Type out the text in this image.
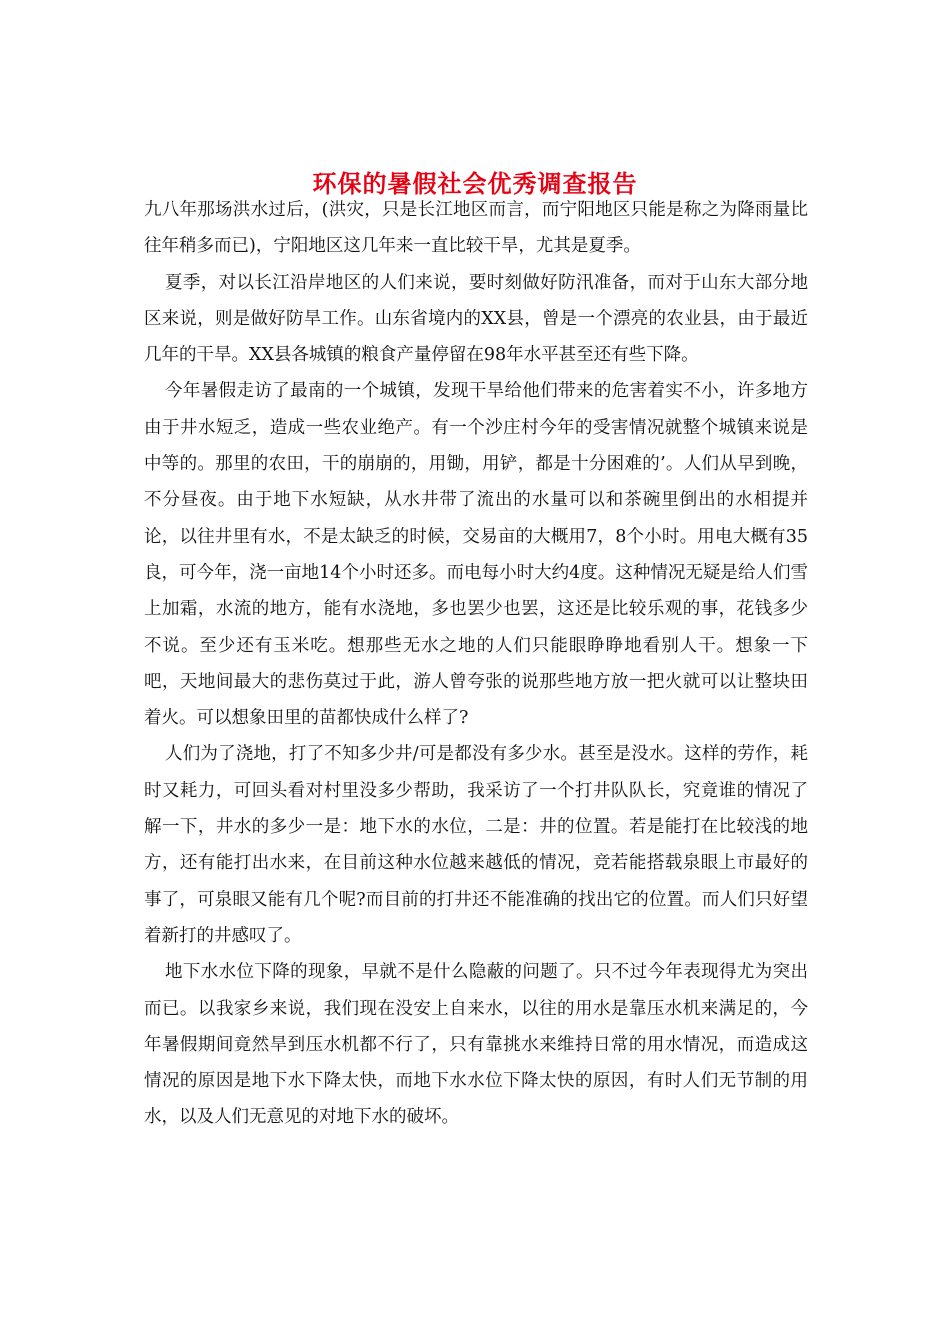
环保的暑假社会优秀调查报告

九八年那场洪水过后，(洪灾，只是长江地区而言，而宁阳地区只能是称之为降雨量比往年稍多而已)，宁阳地区这几年来一直比较干旱，尤其是夏季。

夏季，对以长江沿岸地区的人们来说，要时刻做好防汛准备，而对于山东大部分地区来说，则是做好防旱工作。山东省境内的XX县，曾是一个漂亮的农业县，由于最近几年的干旱。XX县各城镇的粮食产量停留在98年水平甚至还有些下降。

今年暑假走访了最南的一个城镇，发现干旱给他们带来的危害着实不小，许多地方由于井水短乏，造成一些农业绝产。有一个沙庄村今年的受害情况就整个城镇来说是中等的。那里的农田，干的崩崩的，用锄，用铲，都是十分困难的’。人们从早到晚，不分昼夜。由于地下水短缺，从水井带了流出的水量可以和茶碗里倒出的水相提并论，以往井里有水，不是太缺乏的时候，交易亩的大概用7，8个小时。用电大概有35良，可今年，浇一亩地14个小时还多。而电每小时大约4度。这种情况无疑是给人们雪上加霜，水流的地方，能有水浇地，多也罢少也罢，这还是比较乐观的事，花钱多少不说。至少还有玉米吃。想那些无水之地的人们只能眼睁睁地看别人干。想象一下吧，天地间最大的悲伤莫过于此，游人曾夸张的说那些地方放一把火就可以让整块田着火。可以想象田里的苗都快成什么样了?

人们为了浇地，打了不知多少井/可是都没有多少水。甚至是没水。这样的劳作，耗时又耗力，可回头看对村里没多少帮助，我采访了一个打井队队长，究竟谁的情况了解一下，井水的多少一是：地下水的水位，二是：井的位置。若是能打在比较浅的地方，还有能打出水来，在目前这种水位越来越低的情况，竞若能搭载泉眼上市最好的事了，可泉眼又能有几个呢?而目前的打井还不能准确的找出它的位置。而人们只好望着新打的井感叹了。

地下水水位下降的现象，早就不是什么隐蔽的问题了。只不过今年表现得尤为突出而已。以我家乡来说，我们现在没安上自来水，以往的用水是靠压水机来满足的，今年暑假期间竟然旱到压水机都不行了，只有靠挑水来维持日常的用水情况，而造成这情况的原因是地下水下降太快，而地下水水位下降太快的原因，有时人们无节制的用水，以及人们无意见的对地下水的破坏。
